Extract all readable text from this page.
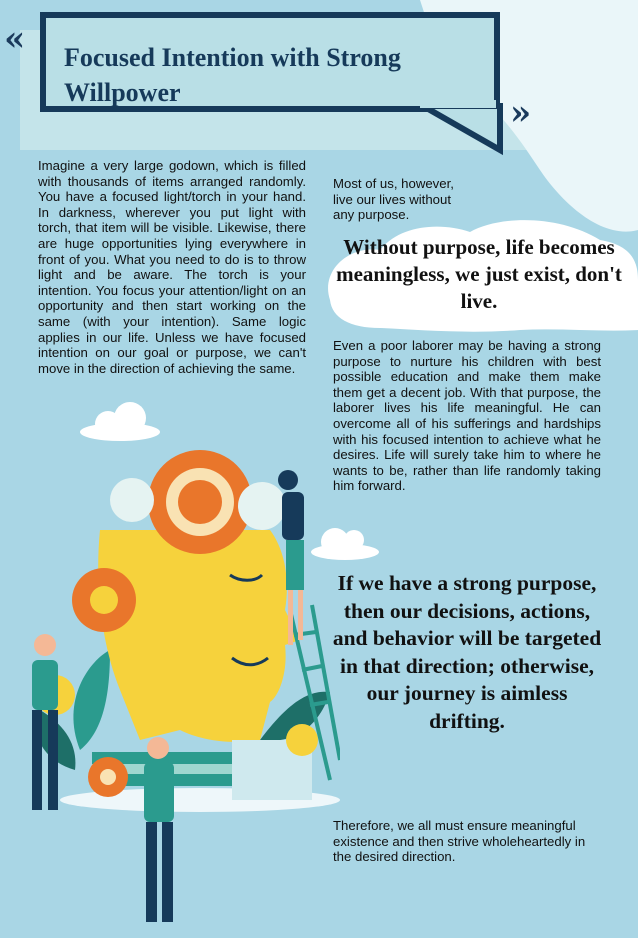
Focused Intention with Strong Willpower
«
»
Imagine a very large godown, which is filled with thousands of items arranged randomly. You have a focused light/torch in your hand. In darkness, wherever you put light with torch, that item will be visible. Likewise, there are huge opportunities lying everywhere in front of you. What you need to do is to throw light and be aware. The torch is your intention. You focus your attention/light on an opportunity and then start working on the same (with your intention). Same logic applies in our life. Unless we have focused intention on our goal or purpose, we can't move in the direction of achieving the same.
Most of us, however, live our lives without any purpose.
Without purpose, life becomes meaningless, we just exist, don't live.
Even a poor laborer may be having a strong purpose to nurture his children with best possible education and make them make them get a decent job. With that purpose, the laborer lives his life meaningful. He can overcome all of his sufferings and hardships with his focused intention to achieve what he desires. Life will surely take him to where he wants to be, rather than life randomly taking him forward.
If we have a strong purpose, then our decisions, actions, and behavior will be targeted in that direction; otherwise, our journey is aimless drifting.
Therefore, we all must ensure meaningful existence and then strive wholeheartedly in the desired direction.
